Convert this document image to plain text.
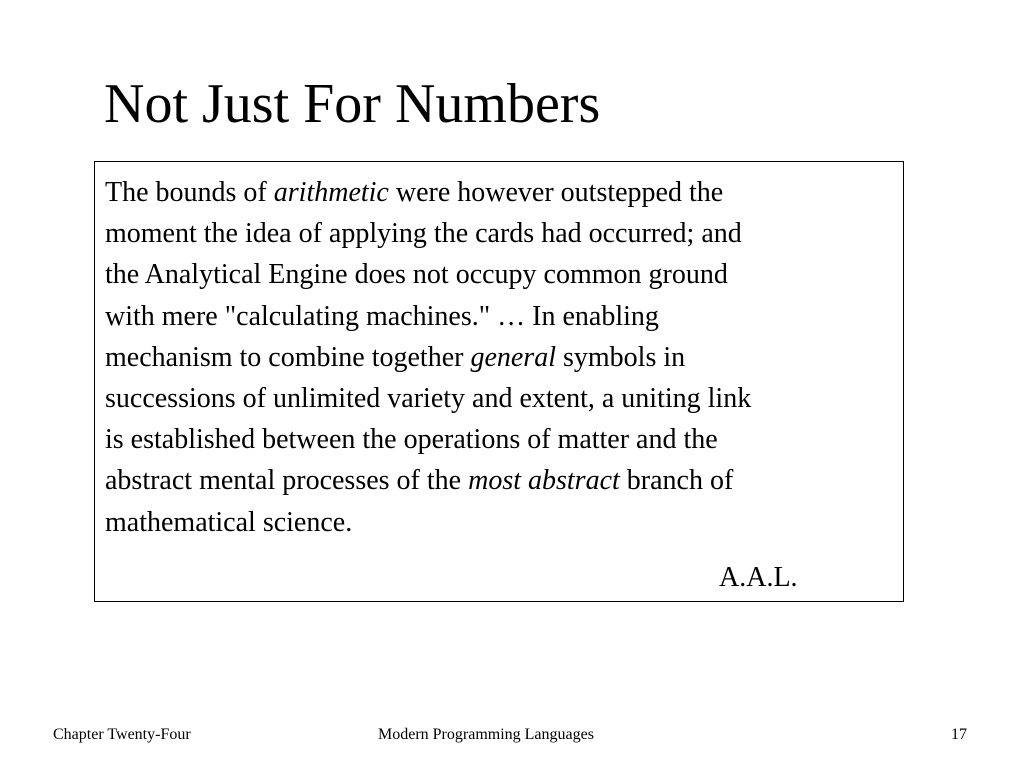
Not Just For Numbers

The bounds of arithmetic were however outstepped the
moment the idea of applying the cards had occurred; and
the Analytical Engine does not occupy common ground
with mere "calculating machines." … In enabling
mechanism to combine together general symbols in
successions of unlimited variety and extent, a uniting link
is established between the operations of matter and the
abstract mental processes of the most abstract branch of
mathematical science.

A.A.L.
Chapter Twenty-Four	Modern Programming Languages	17
